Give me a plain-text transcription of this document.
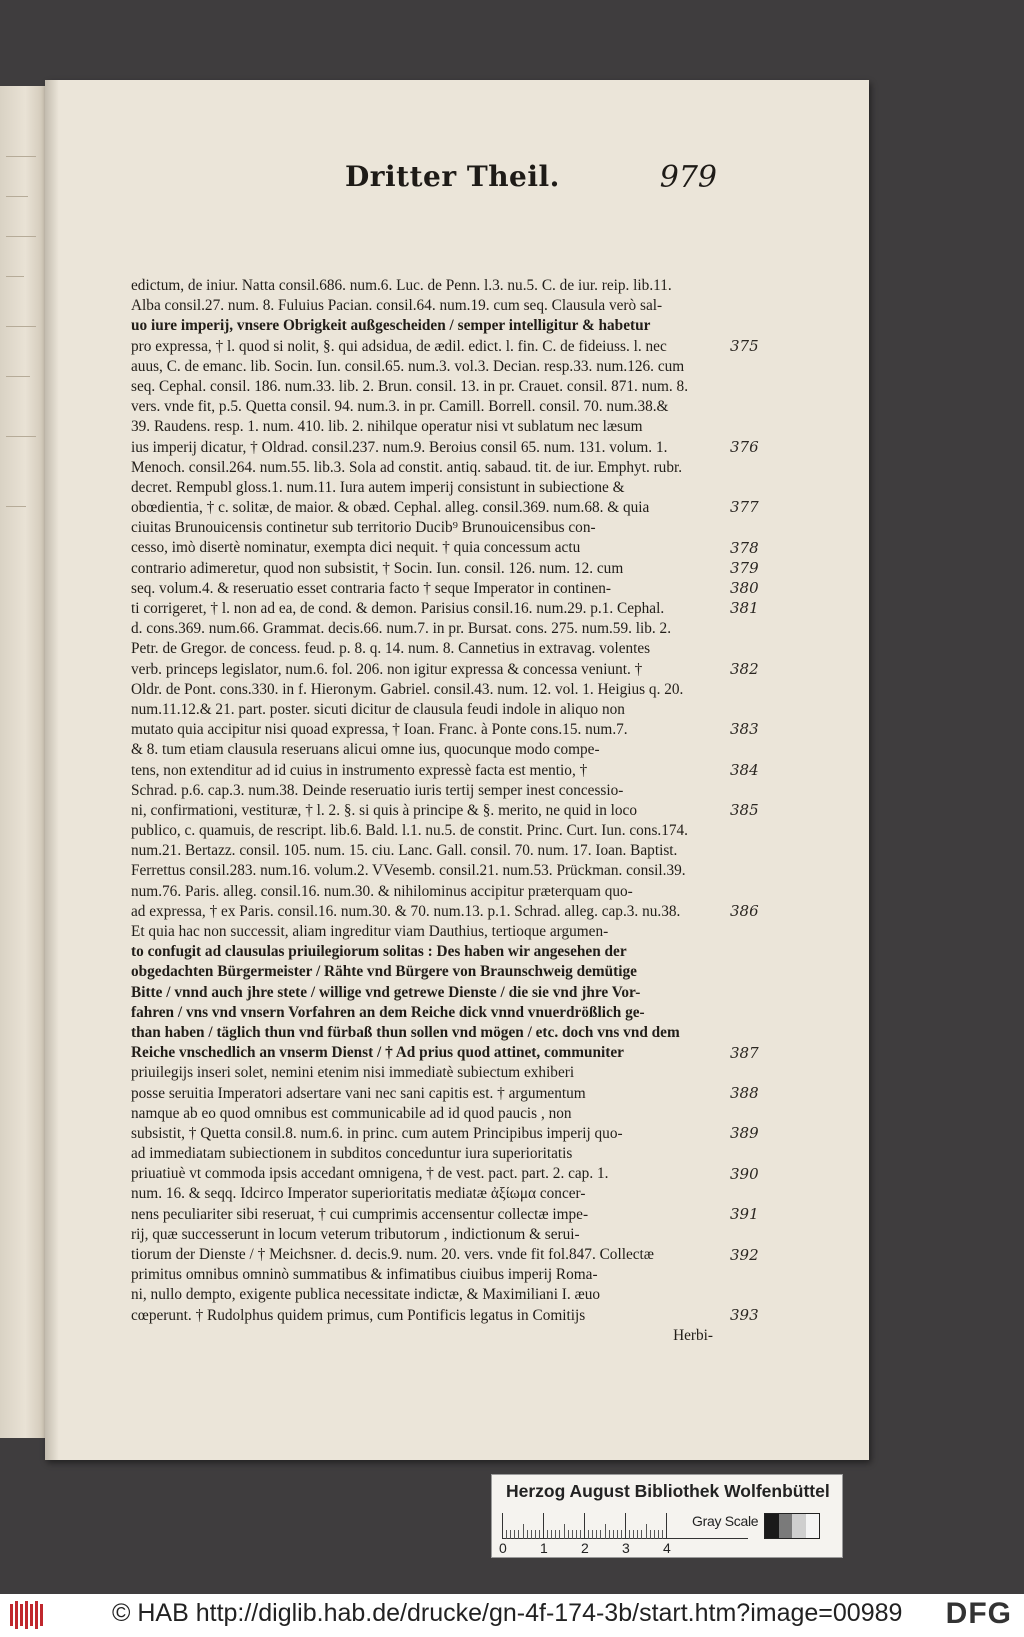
Dritter Theil.	979
edictum, de iniur. Natta consil.686. num.6. Luc. de Penn. l.3. nu.5. C. de iur. reip. lib.11.
Alba consil.27. num. 8. Fuluius Pacian. consil.64. num.19. cum seq. Clausula verò sal-
uo iure imperij, vnsere Obrigkeit außgescheiden / semper intelligitur & habetur
pro expressa, † l. quod si nolit, §. qui adsidua, de ædil. edict. l. fin. C. de fideiuss. l. nec
auus, C. de emanc. lib. Socin. Iun. consil.65. num.3. vol.3. Decian. resp.33. num.126. cum
seq. Cephal. consil. 186. num.33. lib. 2. Brun. consil. 13. in pr. Crauet. consil. 871. num. 8.
vers. vnde fit, p.5. Quetta consil. 94. num.3. in pr. Camill. Borrell. consil. 70. num.38.&
39. Raudens. resp. 1. num. 410. lib. 2. nihilque operatur nisi vt sublatum nec læsum
ius imperij dicatur, † Oldrad. consil.237. num.9. Beroius consil 65. num. 131. volum. 1.
Menoch. consil.264. num.55. lib.3. Sola ad constit. antiq. sabaud. tit. de iur. Emphyt. rubr.
decret. Rempubl gloss.1. num.11. Iura autem imperij consistunt in subiectione &
obœdientia, † c. solitæ, de maior. & obæd. Cephal. alleg. consil.369. num.68. & quia
ciuitas Brunouicensis continetur sub territorio Ducib⁹ Brunouicensibus con-
cesso, imò disertè nominatur, exempta dici nequit. † quia concessum actu
contrario adimeretur, quod non subsistit, † Socin. Iun. consil. 126. num. 12. cum
seq. volum.4. & reseruatio esset contraria facto † seque Imperator in continen-
ti corrigeret, † l. non ad ea, de cond. & demon. Parisius consil.16. num.29. p.1. Cephal.
d. cons.369. num.66. Grammat. decis.66. num.7. in pr. Bursat. cons. 275. num.59. lib. 2.
Petr. de Gregor. de concess. feud. p. 8. q. 14. num. 8. Cannetius in extravag. volentes
verb. princeps legislator, num.6. fol. 206. non igitur expressa & concessa veniunt. †
Oldr. de Pont. cons.330. in f. Hieronym. Gabriel. consil.43. num. 12. vol. 1. Heigius q. 20.
num.11.12.& 21. part. poster. sicuti dicitur de clausula feudi indole in aliquo non
mutato quia accipitur nisi quoad expressa, † Ioan. Franc. à Ponte cons.15. num.7.
& 8. tum etiam clausula reseruans alicui omne ius, quocunque modo compe-
tens, non extenditur ad id cuius in instrumento expressè facta est mentio, †
Schrad. p.6. cap.3. num.38. Deinde reseruatio iuris tertij semper inest concessio-
ni, confirmationi, vestituræ, † l. 2. §. si quis à principe & §. merito, ne quid in loco
publico, c. quamuis, de rescript. lib.6. Bald. l.1. nu.5. de constit. Princ. Curt. Iun. cons.174.
num.21. Bertazz. consil. 105. num. 15. ciu. Lanc. Gall. consil. 70. num. 17. Ioan. Baptist.
Ferrettus consil.283. num.16. volum.2. VVesemb. consil.21. num.53. Prückman. consil.39.
num.76. Paris. alleg. consil.16. num.30. & nihilominus accipitur præterquam quo-
ad expressa, † ex Paris. consil.16. num.30. & 70. num.13. p.1. Schrad. alleg. cap.3. nu.38.
Et quia hac non successit, aliam ingreditur viam Dauthius, tertioque argumen-
to confugit ad clausulas priuilegiorum solitas : Des haben wir angesehen der
obgedachten Bürgermeister / Rähte vnd Bürgere von Braunschweig demütige
Bitte / vnnd auch jhre stete / willige vnd getrewe Dienste / die sie vnd jhre Vor-
fahren / vns vnd vnsern Vorfahren an dem Reiche dick vnnd vnuerdrößlich ge-
than haben / täglich thun vnd fürbaß thun sollen vnd mögen / etc. doch vns vnd dem
Reiche vnschedlich an vnserm Dienst / † Ad prius quod attinet, communiter
priuilegijs inseri solet, nemini etenim nisi immediatè subiectum exhiberi
posse seruitia Imperatori adsertare vani nec sani capitis est. † argumentum
namque ab eo quod omnibus est communicabile ad id quod paucis , non
subsistit, † Quetta consil.8. num.6. in princ. cum autem Principibus imperij quo-
ad immediatam subiectionem in subditos conceduntur iura superioritatis
priuatiuè vt commoda ipsis accedant omnigena, † de vest. pact. part. 2. cap. 1.
num. 16. & seqq. Idcirco Imperator superioritatis mediatæ ἀξίωμα concer-
nens peculiariter sibi reseruat, † cui cumprimis accensentur collectæ impe-
rij, quæ successerunt in locum veterum tributorum , indictionum & serui-
tiorum der Dienste / † Meichsner. d. decis.9. num. 20. vers. vnde fit fol.847. Collectæ
primitus omnibus omninò summatibus & infimatibus ciuibus imperij Roma-
ni, nullo dempto, exigente publica necessitate indictæ, & Maximiliani I. æuo
cœperunt. † Rudolphus quidem primus, cum Pontificis legatus in Comitijs
Herbi-
375
376
377
378
379
380
381
382
383
384
385
386
387
388
389
390
391
392
393
Herzog August Bibliothek Wolfenbüttel
0 1 2 3 4
Gray Scale
© HAB http://diglib.hab.de/drucke/gn-4f-174-3b/start.htm?image=00989 DFG
